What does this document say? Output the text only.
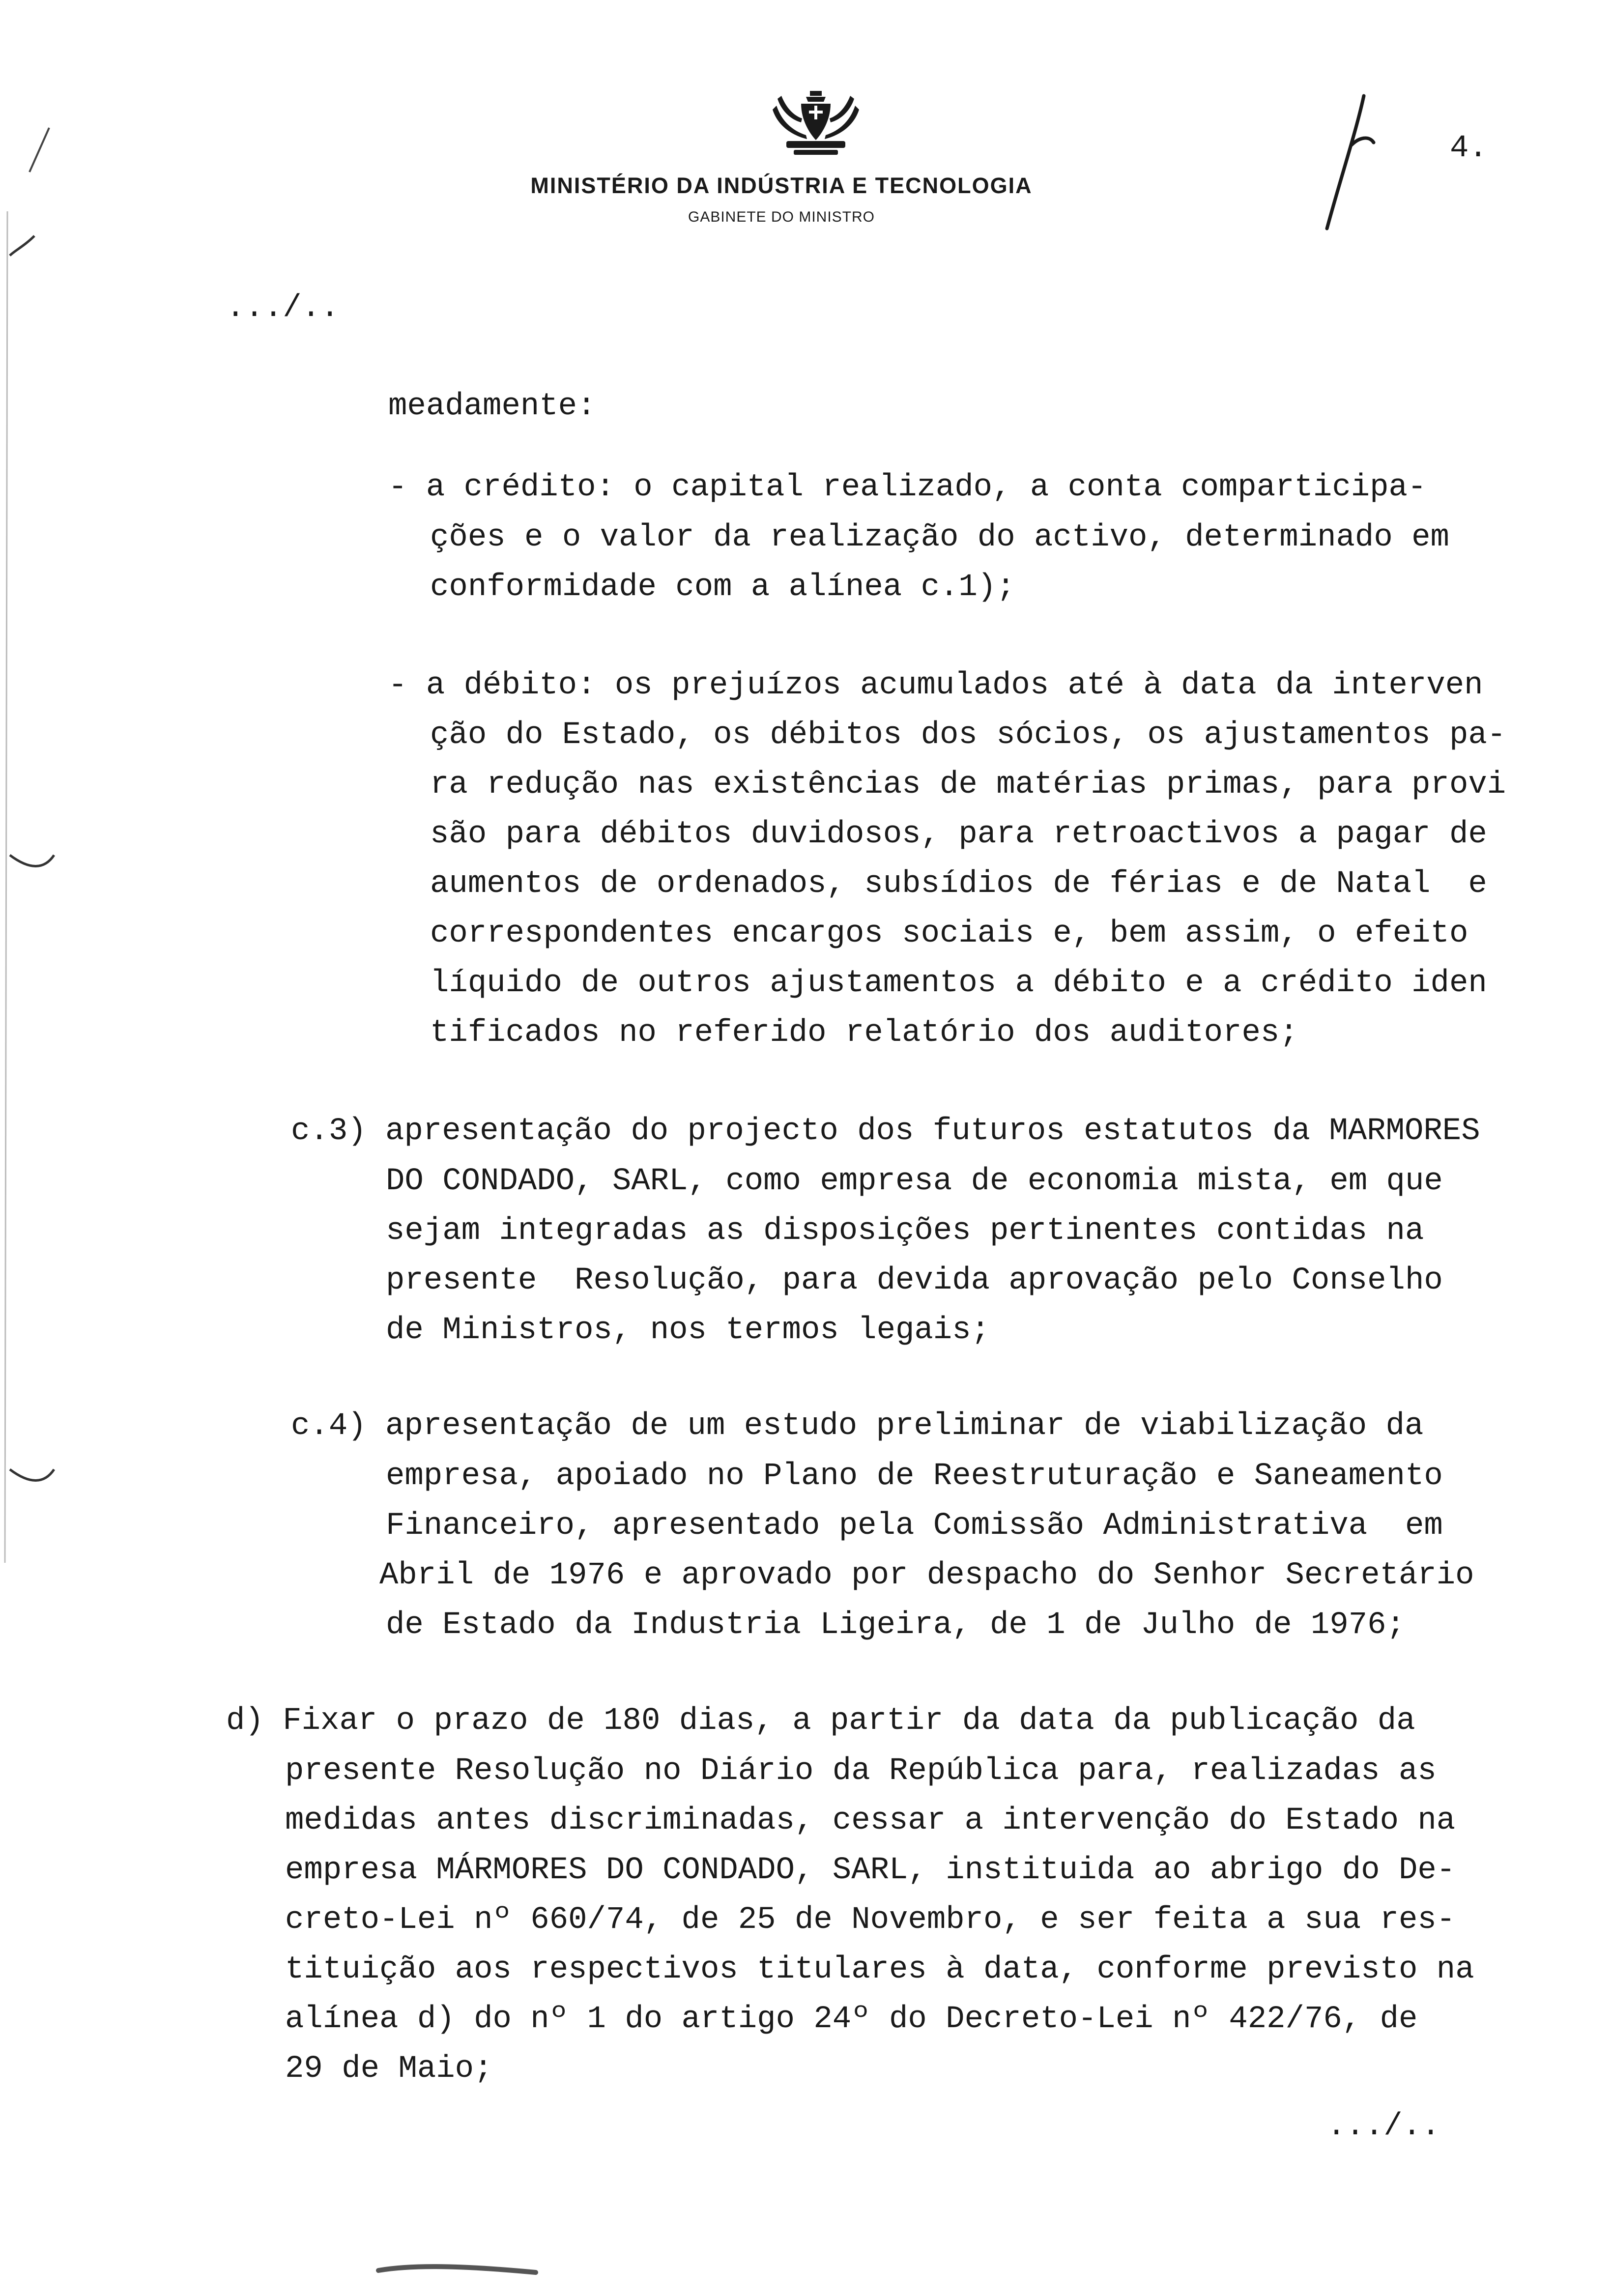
MINISTÉRIO DA INDÚSTRIA E TECNOLOGIA
GABINETE DO MINISTRO
4.
.../..
meadamente:
- a crédito: o capital realizado, a conta comparticipa-
ções e o valor da realização do activo, determinado em
conformidade com a alínea c.1);
- a débito: os prejuízos acumulados até à data da interven
ção do Estado, os débitos dos sócios, os ajustamentos pa-
ra redução nas existências de matérias primas, para provi
são para débitos duvidosos, para retroactivos a pagar de
aumentos de ordenados, subsídios de férias e de Natal  e
correspondentes encargos sociais e, bem assim, o efeito
líquido de outros ajustamentos a débito e a crédito iden
tificados no referido relatório dos auditores;
c.3) apresentação do projecto dos futuros estatutos da MARMORES
DO CONDADO, SARL, como empresa de economia mista, em que
sejam integradas as disposições pertinentes contidas na
presente  Resolução, para devida aprovação pelo Conselho
de Ministros, nos termos legais;
c.4) apresentação de um estudo preliminar de viabilização da
empresa, apoiado no Plano de Reestruturação e Saneamento
Financeiro, apresentado pela Comissão Administrativa  em
Abril de 1976 e aprovado por despacho do Senhor Secretário
de Estado da Industria Ligeira, de 1 de Julho de 1976;
d) Fixar o prazo de 180 dias, a partir da data da publicação da
presente Resolução no Diário da República para, realizadas as
medidas antes discriminadas, cessar a intervenção do Estado na
empresa MÁRMORES DO CONDADO, SARL, instituida ao abrigo do De-
creto-Lei nº 660/74, de 25 de Novembro, e ser feita a sua res-
tituição aos respectivos titulares à data, conforme previsto na
alínea d) do nº 1 do artigo 24º do Decreto-Lei nº 422/76, de
29 de Maio;
.../..
